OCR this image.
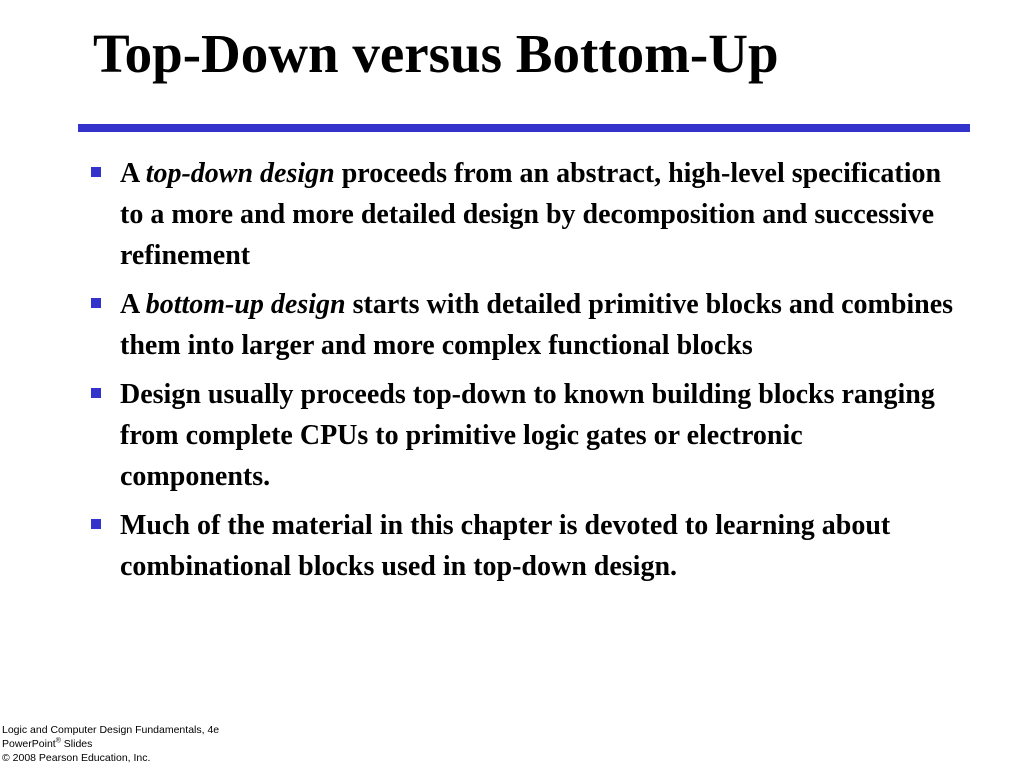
Top-Down versus Bottom-Up
A top-down design proceeds from an abstract, high-level specification to a more and more detailed design by decomposition and successive refinement
A bottom-up design starts with detailed primitive blocks and combines them into larger and more complex functional blocks
Design usually proceeds top-down to known building blocks ranging from complete CPUs to primitive logic gates or electronic components.
Much of the material in this chapter is devoted to learning about combinational blocks used in top-down design.
Logic and Computer Design Fundamentals, 4e
PowerPoint® Slides
© 2008 Pearson Education, Inc.
